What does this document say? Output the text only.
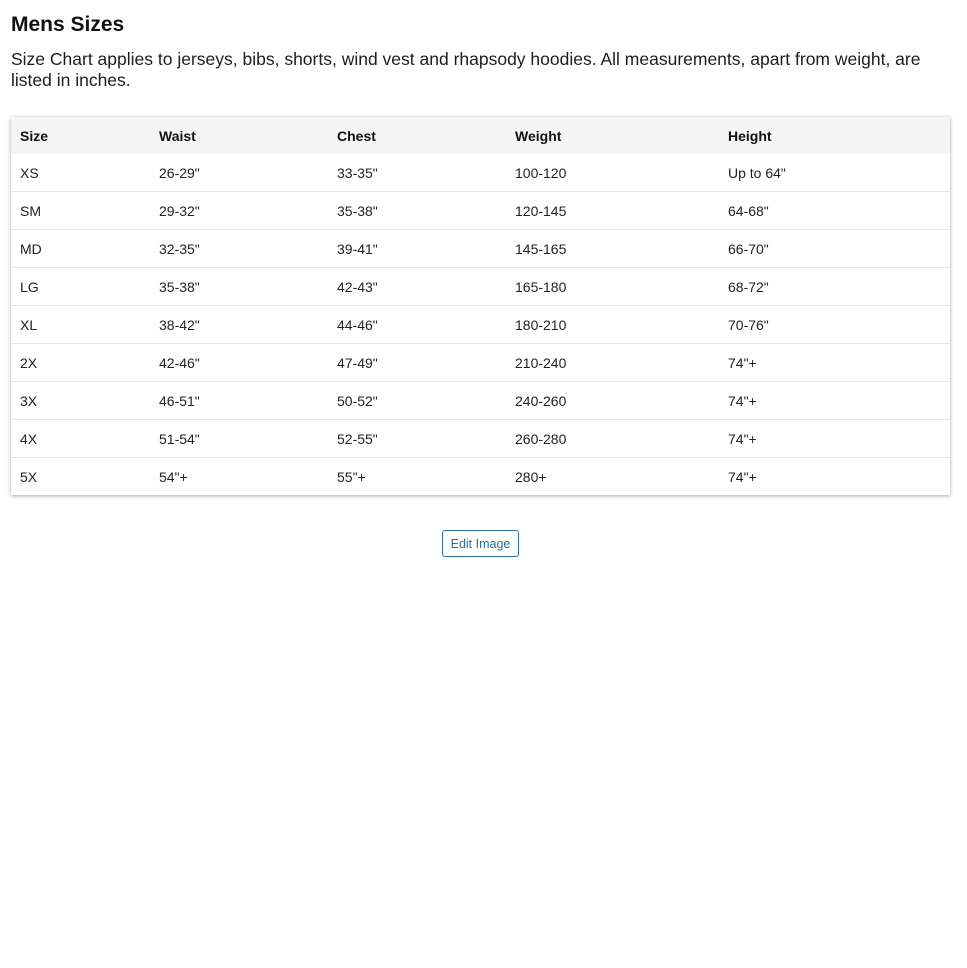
Mens Sizes

Size Chart applies to jerseys, bibs, shorts, wind vest and rhapsody hoodies. All measurements, apart from weight, are listed in inches.

Size	Waist	Chest	Weight	Height
XS	26-29"	33-35"	100-120	Up to 64"
SM	29-32"	35-38"	120-145	64-68"
MD	32-35"	39-41"	145-165	66-70"
LG	35-38"	42-43"	165-180	68-72"
XL	38-42"	44-46"	180-210	70-76"
2X	42-46"	47-49"	210-240	74"+
3X	46-51"	50-52"	240-260	74"+
4X	51-54"	52-55"	260-280	74"+
5X	54"+	55"+	280+	74"+
Edit Image
